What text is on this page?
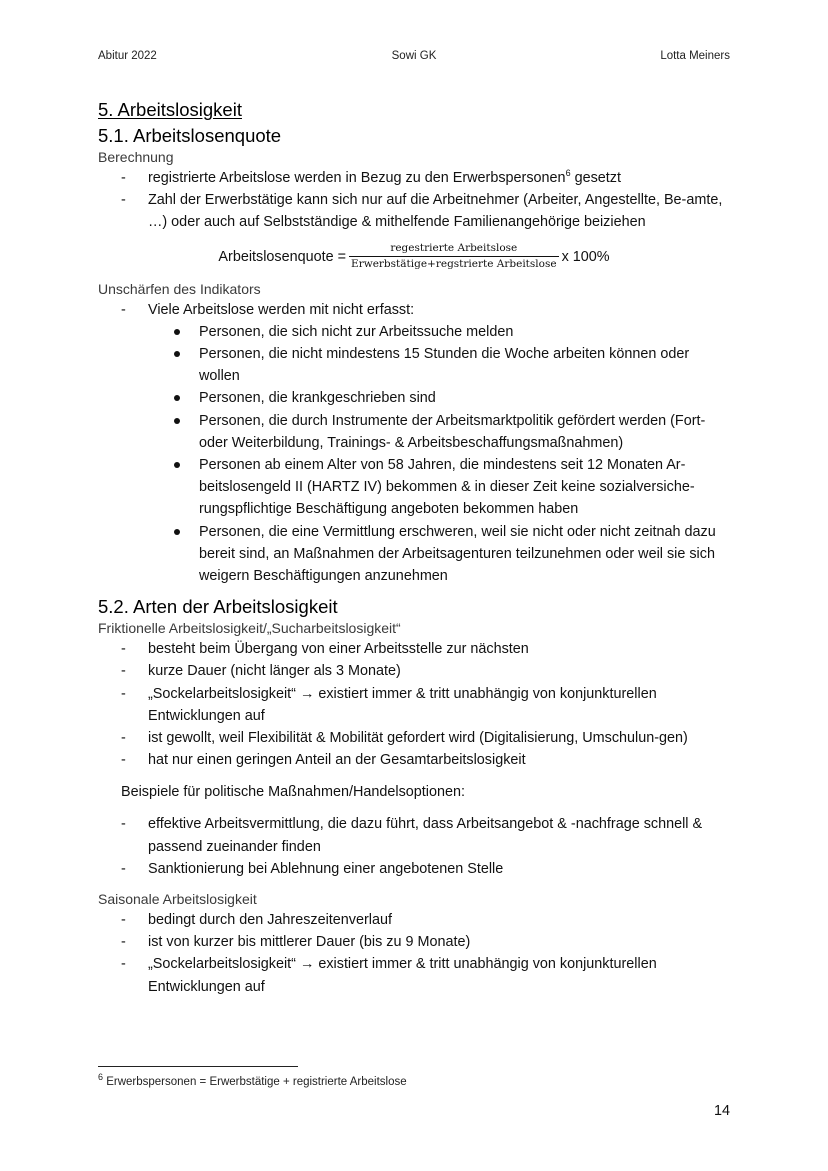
Abitur 2022	Sowi GK	Lotta Meiners
5. Arbeitslosigkeit
5.1. Arbeitslosenquote

Berechnung

-	registrierte Arbeitslose werden in Bezug zu den Erwerbspersonen$^6$ gesetzt
-	Zahl der Erwerbstätige kann sich nur auf die Arbeitnehmer (Arbeiter, Angestellte, Be-amte, …) oder auch auf Selbstständige & mithelfende Familienangehörige beiziehen
Arbeitslosenquote = $\frac{\text{regestrierte Arbeitslose}}{\text{Erwerbstätige+regstrierte Arbeitslose}}$ x 100%

Unschärfen des Indikators

-	Viele Arbeitslose werden mit nicht erfasst:
Personen, die sich nicht zur Arbeitssuche melden
Personen, die nicht mindestens 15 Stunden die Woche arbeiten können oder wollen
Personen, die krankgeschrieben sind
Personen, die durch Instrumente der Arbeitsmarktpolitik gefördert werden (Fort- oder Weiterbildung, Trainings- & Arbeitsbeschaffungsmaßnahmen)
Personen ab einem Alter von 58 Jahren, die mindestens seit 12 Monaten Ar-beitslosengeld II (HARTZ IV) bekommen & in dieser Zeit keine sozialversiche-rungspflichtige Beschäftigung angeboten bekommen haben
Personen, die eine Vermittlung erschweren, weil sie nicht oder nicht zeitnah dazu bereit sind, an Maßnahmen der Arbeitsagenturen teilzunehmen oder weil sie sich weigern Beschäftigungen anzunehmen
5.2. Arten der Arbeitslosigkeit

Friktionelle Arbeitslosigkeit/„Sucharbeitslosigkeit“

-	besteht beim Übergang von einer Arbeitsstelle zur nächsten
-	kurze Dauer (nicht länger als 3 Monate)
-	„Sockelarbeitslosigkeit“ → existiert immer & tritt unabhängig von konjunkturellen Entwicklungen auf
-	ist gewollt, weil Flexibilität & Mobilität gefordert wird (Digitalisierung, Umschulun-gen)
-	hat nur einen geringen Anteil an der Gesamtarbeitslosigkeit

Beispiele für politische Maßnahmen/Handelsoptionen:

-	effektive Arbeitsvermittlung, die dazu führt, dass Arbeitsangebot & -nachfrage schnell & passend zueinander finden
-	Sanktionierung bei Ablehnung einer angebotenen Stelle

Saisonale Arbeitslosigkeit

-	bedingt durch den Jahreszeitenverlauf
-	ist von kurzer bis mittlerer Dauer (bis zu 9 Monate)
-	„Sockelarbeitslosigkeit“ → existiert immer & tritt unabhängig von konjunkturellen Entwicklungen auf
$^6$ Erwerbspersonen = Erwerbstätige + registrierte Arbeitslose
14
